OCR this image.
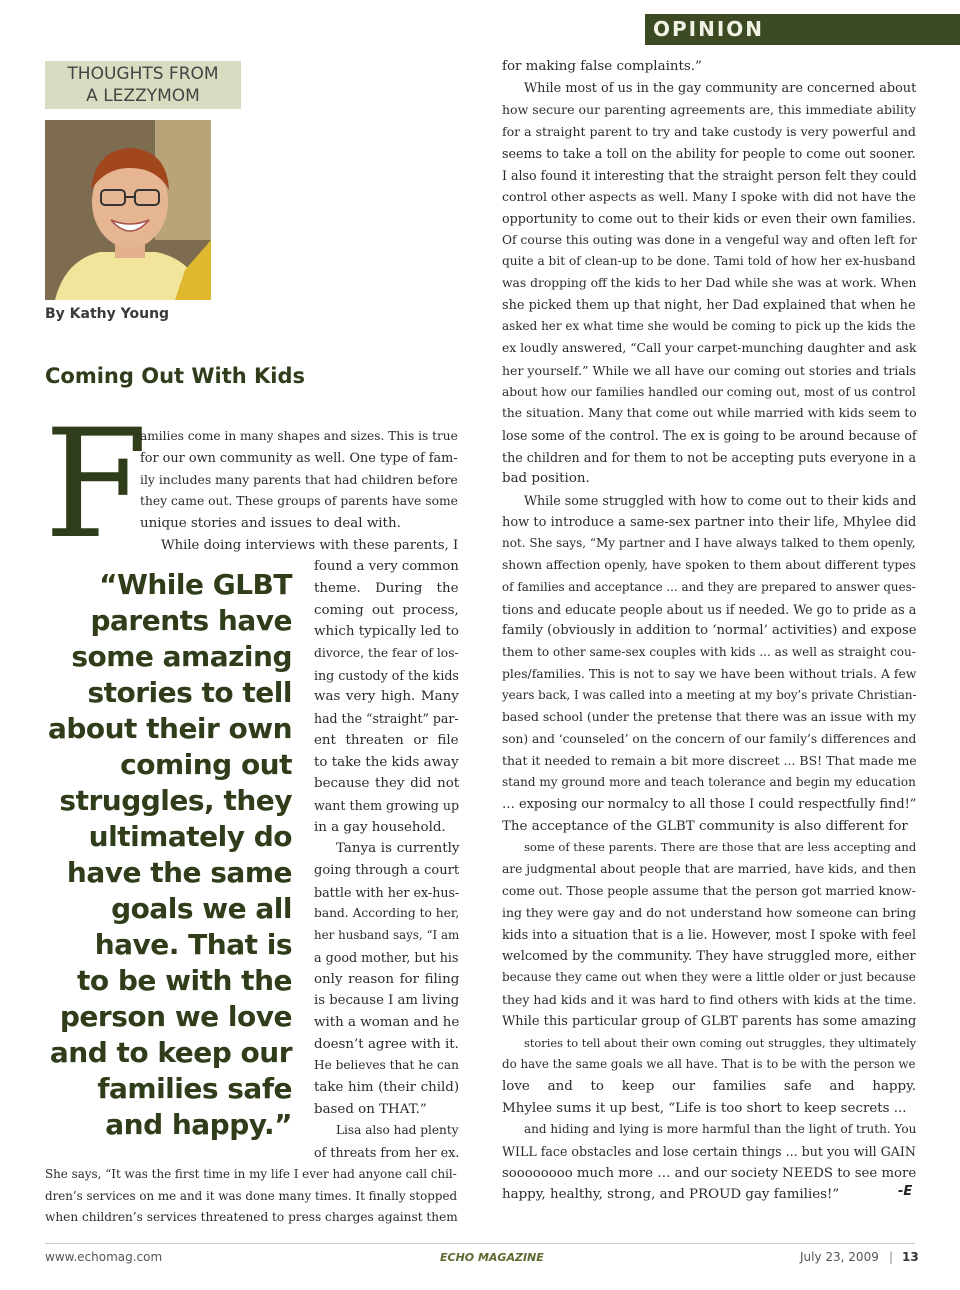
OPINION
THOUGHTS FROM
A LEZZYMOM
By Kathy Young
Coming Out With Kids
F
amilies come in many shapes and sizes. This is true
for our own community as well. One type of fam-
ily includes many parents that had children before
they came out. These groups of parents have some
unique stories and issues to deal with.
While doing interviews with these parents, I
found a very common
theme. During the
coming out process,
which typically led to
divorce, the fear of los-
ing custody of the kids
was very high. Many
had the “straight” par-
ent threaten or file
to take the kids away
because they did not
want them growing up
in a gay household.
Tanya is currently
going through a court
battle with her ex-hus-
band. According to her,
her husband says, “I am
a good mother, but his
only reason for filing
is because I am living
with a woman and he
doesn’t agree with it.
He believes that he can
take him (their child)
based on THAT.”
Lisa also had plenty
of threats from her ex.
She says, “It was the first time in my life I ever had anyone call chil-
dren’s services on me and it was done many times. It finally stopped
when children’s services threatened to press charges against them
for making false complaints.”
While most of us in the gay community are concerned about
how secure our parenting agreements are, this immediate ability
for a straight parent to try and take custody is very powerful and
seems to take a toll on the ability for people to come out sooner.
I also found it interesting that the straight person felt they could
control other aspects as well. Many I spoke with did not have the
opportunity to come out to their kids or even their own families.
Of course this outing was done in a vengeful way and often left for
quite a bit of clean-up to be done. Tami told of how her ex-husband
was dropping off the kids to her Dad while she was at work. When
she picked them up that night, her Dad explained that when he
asked her ex what time she would be coming to pick up the kids the
ex loudly answered, “Call your carpet-munching daughter and ask
her yourself.” While we all have our coming out stories and trials
about how our families handled our coming out, most of us control
the situation. Many that come out while married with kids seem to
lose some of the control. The ex is going to be around because of
the children and for them to not be accepting puts everyone in a
bad position.
While some struggled with how to come out to their kids and
how to introduce a same-sex partner into their life, Mhylee did
not. She says, “My partner and I have always talked to them openly,
shown affection openly, have spoken to them about different types
of families and acceptance ... and they are prepared to answer ques-
tions and educate people about us if needed. We go to pride as a
family (obviously in addition to ‘normal’ activities) and expose
them to other same-sex couples with kids ... as well as straight cou-
ples/families. This is not to say we have been without trials. A few
years back, I was called into a meeting at my boy’s private Christian-
based school (under the pretense that there was an issue with my
son) and ‘counseled’ on the concern of our family’s differences and
that it needed to remain a bit more discreet ... BS! That made me
stand my ground more and teach tolerance and begin my education
… exposing our normalcy to all those I could respectfully find!”
The acceptance of the GLBT community is also different for
some of these parents. There are those that are less accepting and
are judgmental about people that are married, have kids, and then
come out. Those people assume that the person got married know-
ing they were gay and do not understand how someone can bring
kids into a situation that is a lie. However, most I spoke with feel
welcomed by the community. They have struggled more, either
because they came out when they were a little older or just because
they had kids and it was hard to find others with kids at the time.
While this particular group of GLBT parents has some amazing
stories to tell about their own coming out struggles, they ultimately
do have the same goals we all have. That is to be with the person we
love and to keep our families safe and happy.
Mhylee sums it up best, “Life is too short to keep secrets ...
and hiding and lying is more harmful than the light of truth. You
WILL face obstacles and lose certain things ... but you will GAIN
soooooooo much more … and our society NEEDS to see more
happy, healthy, strong, and PROUD gay families!”
“While GLBT
parents have
some amazing
stories to tell
about their own
coming out
struggles, they
ultimately do
have the same
goals we all
have. That is
to be with the
person we love
and to keep our
families safe
and happy.”
-E
www.echomag.com	ECHO MAGAZINE	July 23, 2009 | 13
